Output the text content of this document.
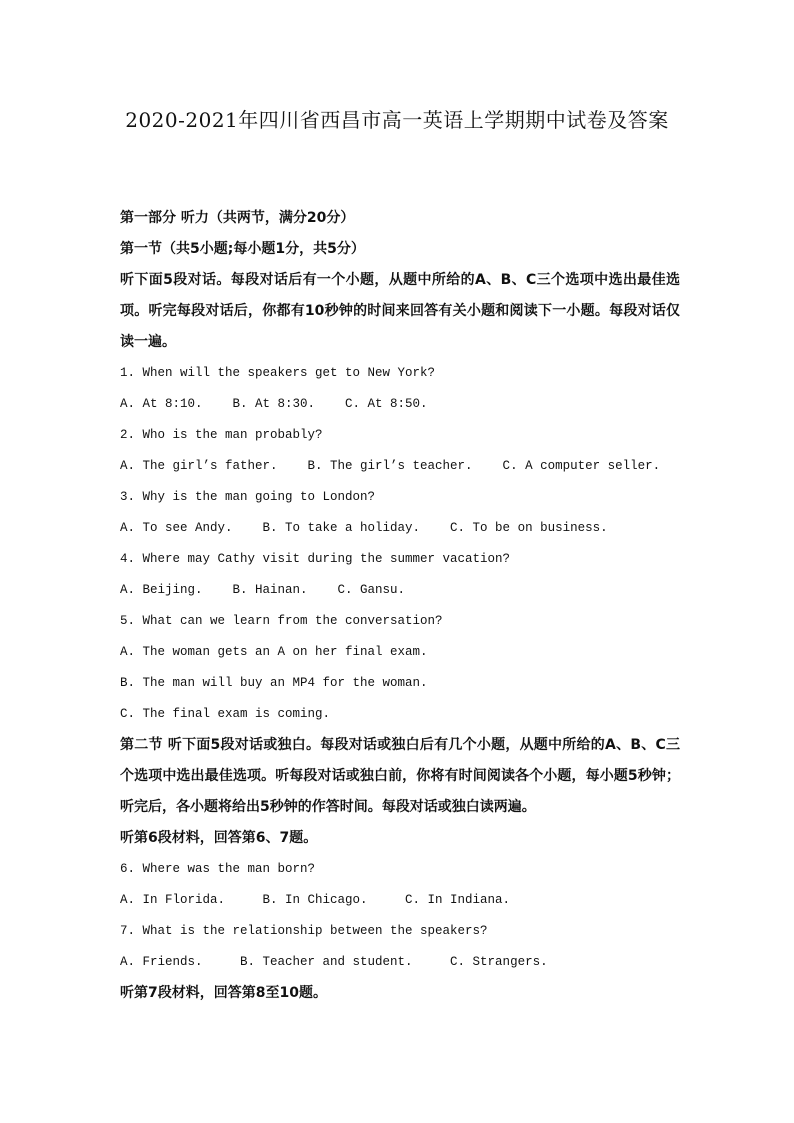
2020-2021年四川省西昌市高一英语上学期期中试卷及答案

第一部分 听力（共两节，满分20分）

第一节（共5小题;每小题1分，共5分）

听下面5段对话。每段对话后有一个小题，从题中所给的A、B、C三个选项中选出最佳选项。听完每段对话后，你都有10秒钟的时间来回答有关小题和阅读下一小题。每段对话仅读一遍。

1. When will the speakers get to New York?

A. At 8:10.    B. At 8:30.    C. At 8:50.

2. Who is the man probably?

A. The girl’s father.    B. The girl’s teacher.    C. A computer seller.

3. Why is the man going to London?

A. To see Andy.    B. To take a holiday.    C. To be on business.

4. Where may Cathy visit during the summer vacation?

A. Beijing.    B. Hainan.    C. Gansu.

5. What can we learn from the conversation?

A. The woman gets an A on her final exam.

B. The man will buy an MP4 for the woman.

C. The final exam is coming.

第二节 听下面5段对话或独白。每段对话或独白后有几个小题，从题中所给的A、B、C三个选项中选出最佳选项。听每段对话或独白前，你将有时间阅读各个小题，每小题5秒钟；听完后，各小题将给出5秒钟的作答时间。每段对话或独白读两遍。

听第6段材料，回答第6、7题。

6. Where was the man born?

A. In Florida.     B. In Chicago.     C. In Indiana.

7. What is the relationship between the speakers?

A. Friends.     B. Teacher and student.     C. Strangers.

听第7段材料，回答第8至10题。
